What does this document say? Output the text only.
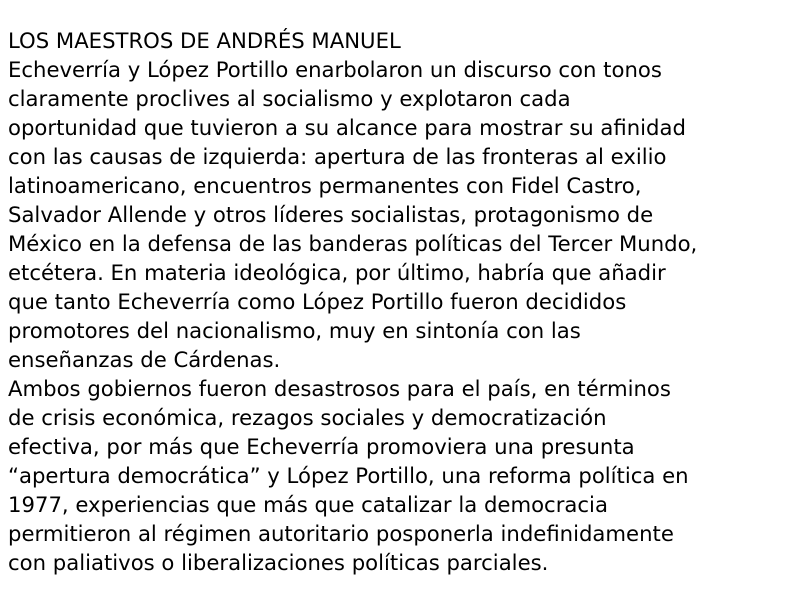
LOS MAESTROS DE ANDRÉS MANUEL
Echeverría y López Portillo enarbolaron un discurso con tonos
claramente proclives al socialismo y explotaron cada
oportunidad que tuvieron a su alcance para mostrar su afinidad
con las causas de izquierda: apertura de las fronteras al exilio
latinoamericano, encuentros permanentes con Fidel Castro,
Salvador Allende y otros líderes socialistas, protagonismo de
México en la defensa de las banderas políticas del Tercer Mundo,
etcétera. En materia ideológica, por último, habría que añadir
que tanto Echeverría como López Portillo fueron decididos
promotores del nacionalismo, muy en sintonía con las
enseñanzas de Cárdenas.
Ambos gobiernos fueron desastrosos para el país, en términos
de crisis económica, rezagos sociales y democratización
efectiva, por más que Echeverría promoviera una presunta
“apertura democrática” y López Portillo, una reforma política en
1977, experiencias que más que catalizar la democracia
permitieron al régimen autoritario posponerla indefinidamente
con paliativos o liberalizaciones políticas parciales.
